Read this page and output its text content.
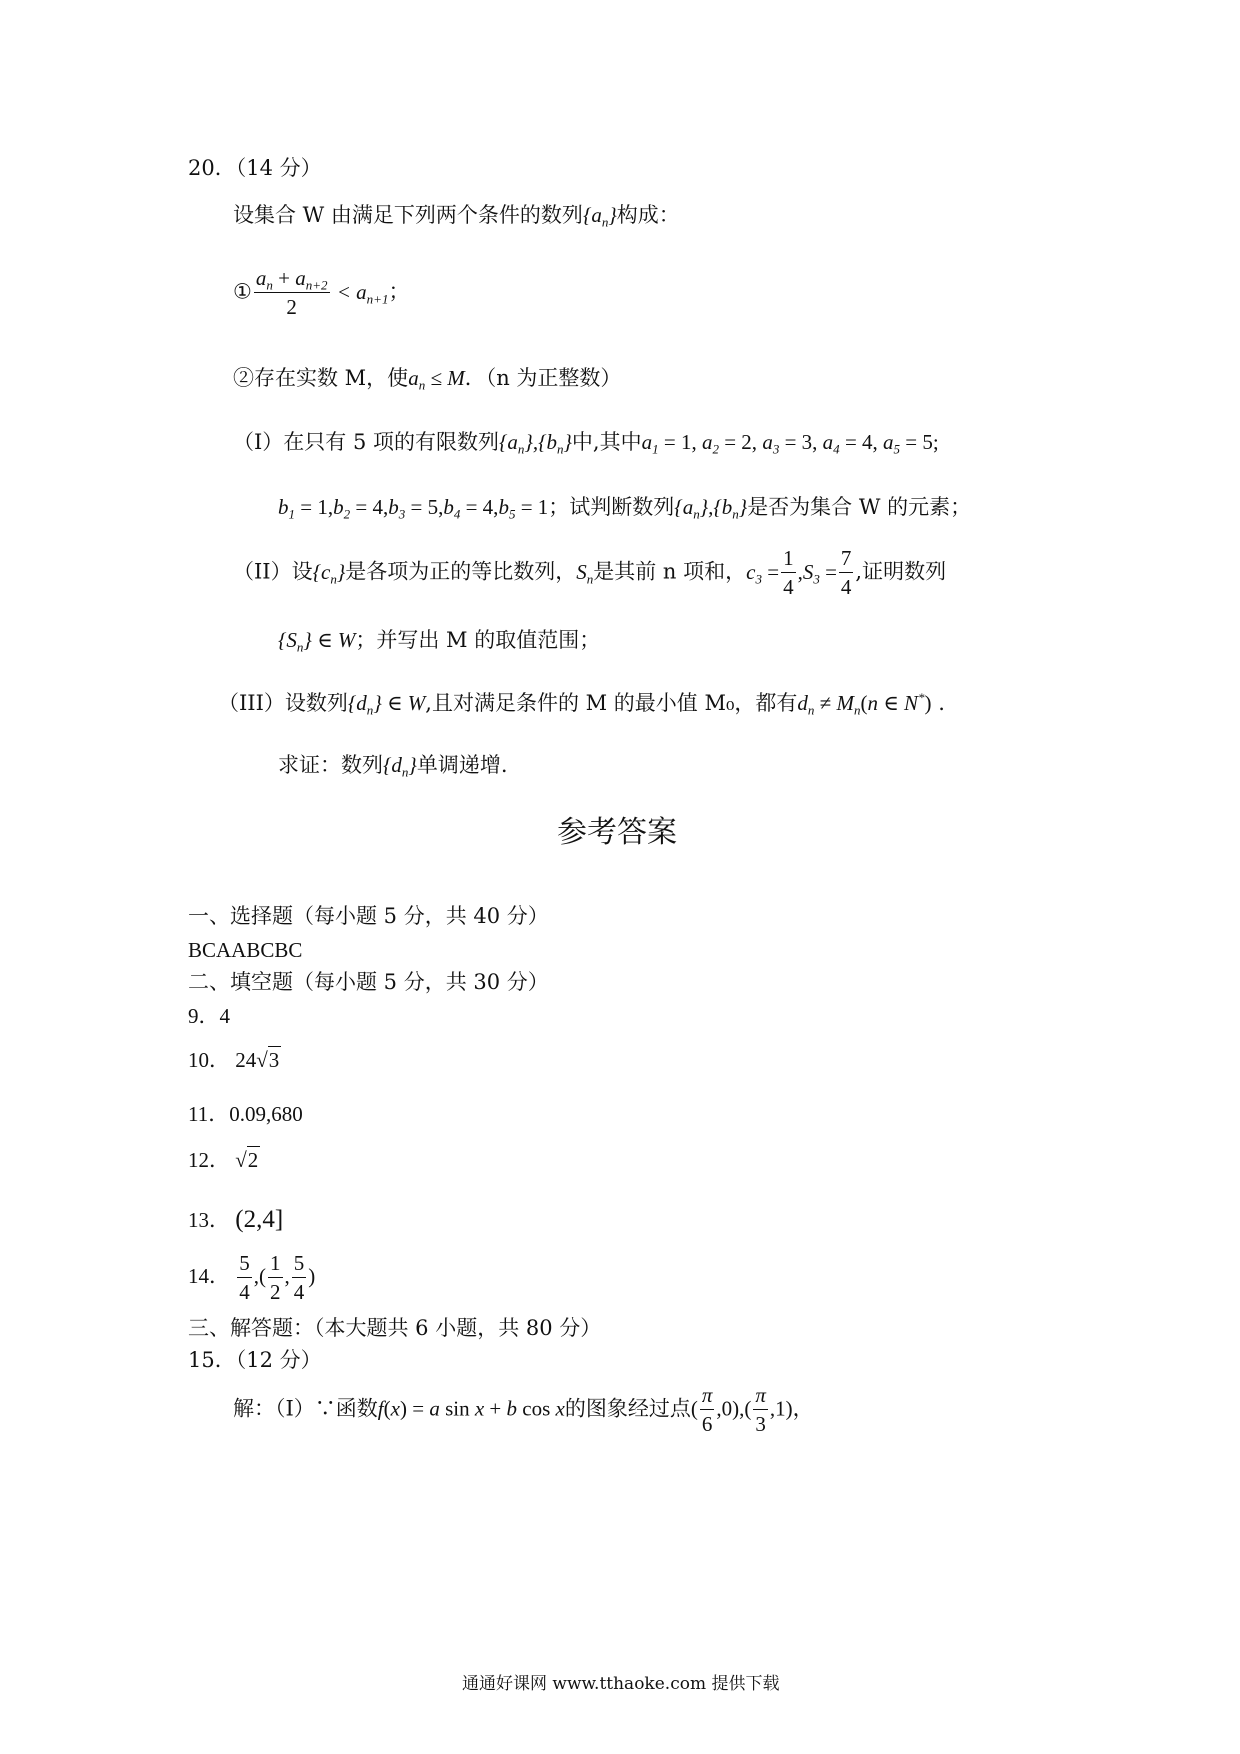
20．（14 分）
设集合 W 由满足下列两个条件的数列$\{a_n\}$构成：
① $\frac{a_n + a_{n+2}}{2} < a_{n+1}$；
②存在实数 M，使$a_n \le M$．（n 为正整数）
（I）在只有 5 项的有限数列$\{a_n\},\{b_n\}$中,其中$a_1 = 1$, $a_2 = 2$, $a_3 = 3$, $a_4 = 4$, $a_5 = 5$;
$b_1 = 1,b_2 = 4,b_3 = 5,b_4 = 4,b_5 = 1$；试判断数列$\{a_n\},\{b_n\}$是否为集合 W 的元素；
（II）设$\{c_n\}$是各项为正的等比数列，$S_n$是其前 n 项和，$c_3 = \frac{1}{4} ,S_3 = \frac{7}{4}$ ,证明数列
$\{S_n\}$ ∈ W；并写出 M 的取值范围；
（III）设数列$\{d_n\}$ ∈ W,且对满足条件的 M 的最小值 M₀，都有$d_n \ne M_n(n$ ∈ N*) .
求证：数列$\{d_n\}$单调递增.
参考答案
一、选择题（每小题 5 分，共 40 分）
BCAABCBC
二、填空题（每小题 5 分，共 30 分）
9．4
10． 24√3
11．0.09,680
12． √2
13． (2,4]
14． $\frac{5}{4}$ ,( $\frac{1}{2}$ , $\frac{5}{4}$ )
三、解答题：（本大题共 6 小题，共 80 分）
15．（12 分）
解：（I）∵函数f(x) = a sin x + b cos x的图象经过点( $\frac{\pi}{6} ,0),( \frac{\pi}{3} ,1)$，
通通好课网 www.tthaoke.com 提供下载
